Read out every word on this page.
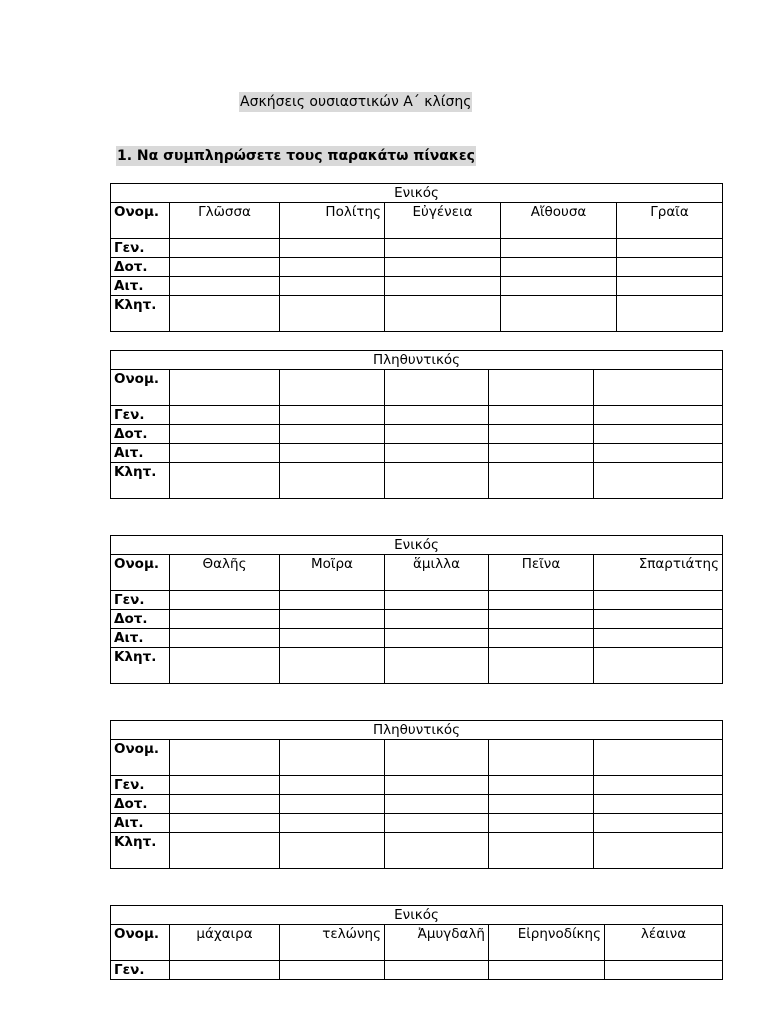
Ασκήσεις ουσιαστικών Α΄ κλίσης
1. Να συμπληρώσετε τους παρακάτω πίνακες
Ενικός					
Ονομ.	Γλῶσσα	Πολίτης	Εὐγένεια	Αἴθουσα	Γραῖα
Γεν.					
Δοτ.					
Αιτ.					
Κλητ.					
Πληθυντικός					
Ονομ.					
Γεν.					
Δοτ.					
Αιτ.					
Κλητ.					
Ενικός					
Ονομ.	Θαλῆς	Μοῖρα	ἅμιλλα	Πεῖνα	Σπαρτιάτης
Γεν.					
Δοτ.					
Αιτ.					
Κλητ.					
Πληθυντικός					
Ονομ.					
Γεν.					
Δοτ.					
Αιτ.					
Κλητ.					
Ενικός					
Ονομ.	μάχαιρα	τελώνης	Ἀμυγδαλῆ	Εἰρηνοδίκης	λέαινα
Γεν.					
